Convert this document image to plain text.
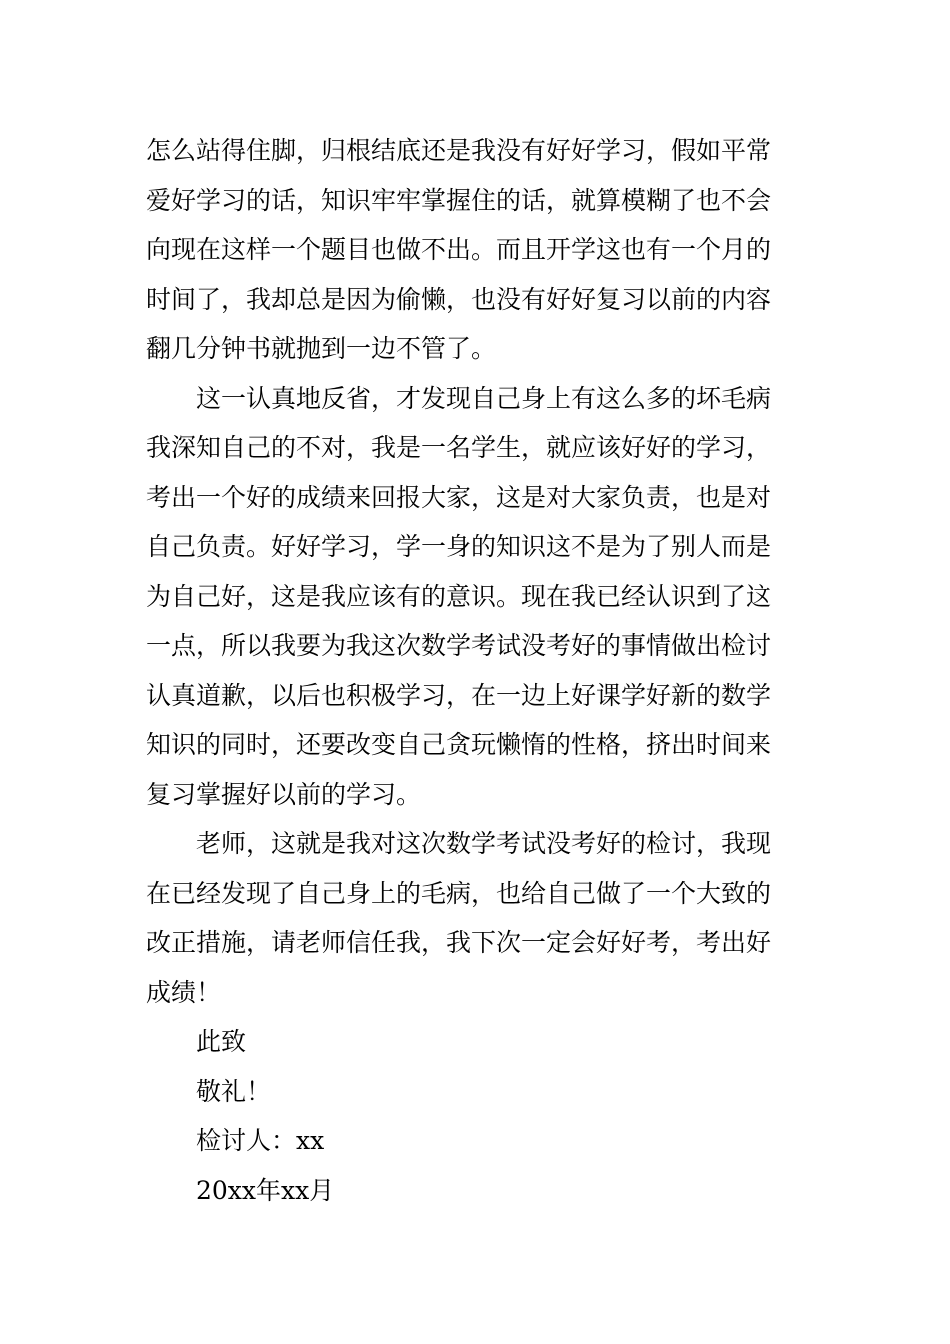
怎么站得住脚，归根结底还是我没有好好学习，假如平常
爱好学习的话，知识牢牢掌握住的话，就算模糊了也不会
向现在这样一个题目也做不出。而且开学这也有一个月的
时间了，我却总是因为偷懒，也没有好好复习以前的内容
翻几分钟书就抛到一边不管了。
这一认真地反省，才发现自己身上有这么多的坏毛病
我深知自己的不对，我是一名学生，就应该好好的学习，
考出一个好的成绩来回报大家，这是对大家负责，也是对
自己负责。好好学习，学一身的知识这不是为了别人而是
为自己好，这是我应该有的意识。现在我已经认识到了这
一点，所以我要为我这次数学考试没考好的事情做出检讨
认真道歉，以后也积极学习，在一边上好课学好新的数学
知识的同时，还要改变自己贪玩懒惰的性格，挤出时间来
复习掌握好以前的学习。
老师，这就是我对这次数学考试没考好的检讨，我现
在已经发现了自己身上的毛病，也给自己做了一个大致的
改正措施，请老师信任我，我下次一定会好好考，考出好
成绩！
此致
敬礼！
检讨人：xx
20xx年xx月
